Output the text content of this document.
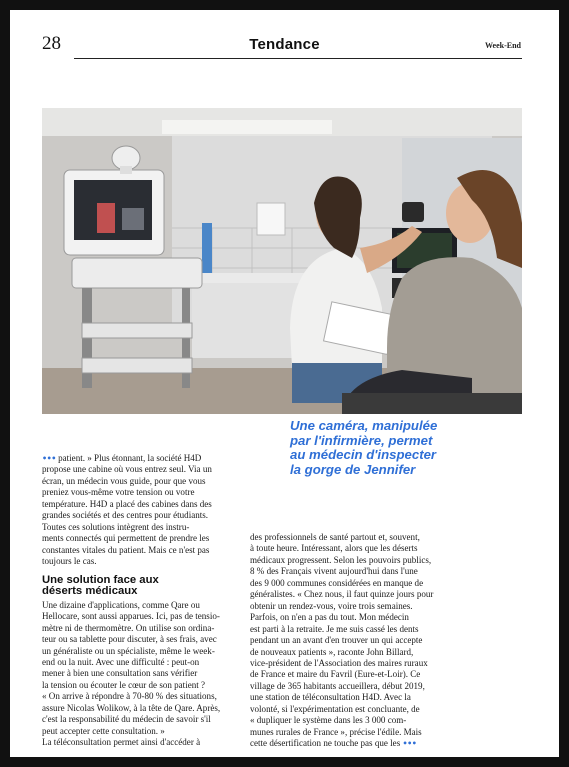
28	Tendance	Week-End
Une caméra, manipulée
par l'infirmière, permet
au médecin d'inspecter
la gorge de Jennifer
••• patient. » Plus étonnant, la société H4D
propose une cabine où vous entrez seul. Via un
écran, un médecin vous guide, pour que vous
preniez vous-même votre tension ou votre
température. H4D a placé des cabines dans des
grandes sociétés et des centres pour étudiants.
Toutes ces solutions intègrent des instru-
ments connectés qui permettent de prendre les
constantes vitales du patient. Mais ce n'est pas
toujours le cas.
Une solution face aux
déserts médicaux
Une dizaine d'applications, comme Qare ou
Hellocare, sont aussi apparues. Ici, pas de tensio-
mètre ni de thermomètre. On utilise son ordina-
teur ou sa tablette pour discuter, à ses frais, avec
un généraliste ou un spécialiste, même le week-
end ou la nuit. Avec une difficulté : peut-on
mener à bien une consultation sans vérifier
la tension ou écouter le cœur de son patient ?
« On arrive à répondre à 70-80 % des situations,
assure Nicolas Wolikow, à la tête de Qare. Après,
c'est la responsabilité du médecin de savoir s'il
peut accepter cette consultation. »
La téléconsultation permet ainsi d'accéder à
des professionnels de santé partout et, souvent,
à toute heure. Intéressant, alors que les déserts
médicaux progressent. Selon les pouvoirs publics,
8 % des Français vivent aujourd'hui dans l'une
des 9 000 communes considérées en manque de
généralistes. « Chez nous, il faut quinze jours pour
obtenir un rendez-vous, voire trois semaines.
Parfois, on n'en a pas du tout. Mon médecin
est parti à la retraite. Je me suis cassé les dents
pendant un an avant d'en trouver un qui accepte
de nouveaux patients », raconte John Billard,
vice-président de l'Association des maires ruraux
de France et maire du Favril (Eure-et-Loir). Ce
village de 365 habitants accueillera, début 2019,
une station de téléconsultation H4D. Avec la
volonté, si l'expérimentation est concluante, de
« dupliquer le système dans les 3 000 com-
munes rurales de France », précise l'édile. Mais
cette désertification ne touche pas que les •••
